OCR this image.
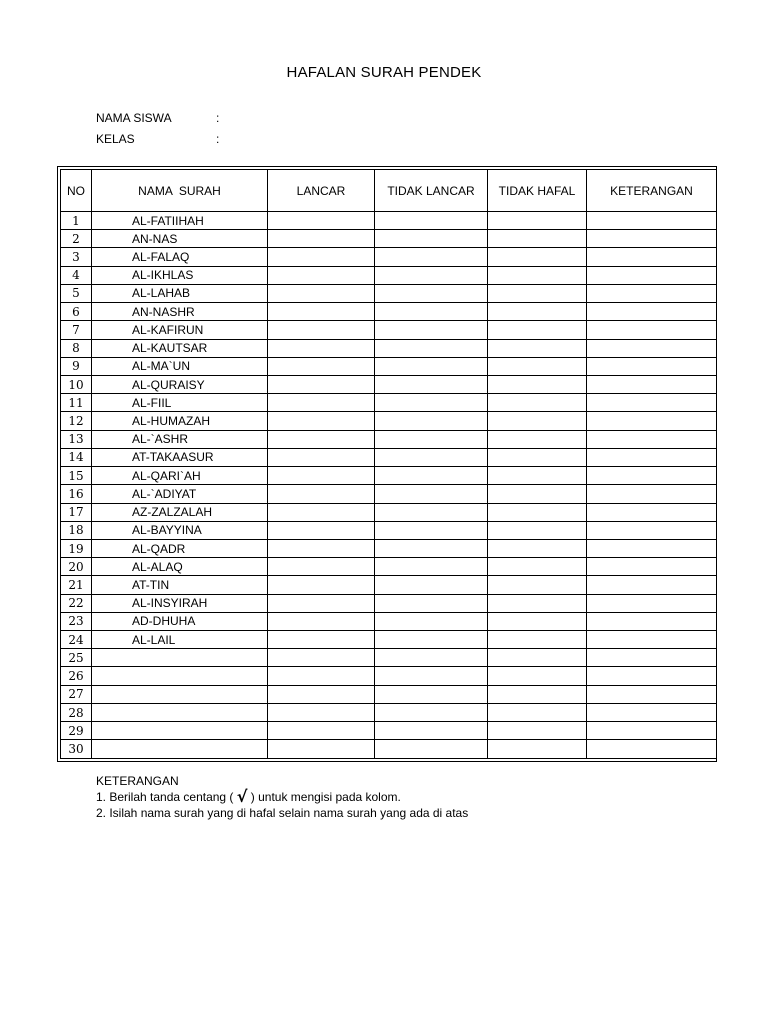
HAFALAN SURAH PENDEK
NAMA SISWA	:
KELAS	:
NO	NAMA  SURAH	LANCAR	TIDAK LANCAR	TIDAK HAFAL	KETERANGAN
1	AL-FATIIHAH				
2	AN-NAS				
3	AL-FALAQ				
4	AL-IKHLAS				
5	AL-LAHAB				
6	AN-NASHR				
7	AL-KAFIRUN				
8	AL-KAUTSAR				
9	AL-MA`UN				
10	AL-QURAISY				
11	AL-FIIL				
12	AL-HUMAZAH				
13	AL-`ASHR				
14	AT-TAKAASUR				
15	AL-QARI`AH				
16	AL-`ADIYAT				
17	AZ-ZALZALAH				
18	AL-BAYYINA				
19	AL-QADR				
20	AL-ALAQ				
21	AT-TIN				
22	AL-INSYIRAH				
23	AD-DHUHA				
24	AL-LAIL				
25					
26					
27					
28					
29					
30					
KETERANGAN
1. Berilah tanda centang ( √ ) untuk mengisi pada kolom.
2. Isilah nama surah yang di hafal selain nama surah yang ada di atas
